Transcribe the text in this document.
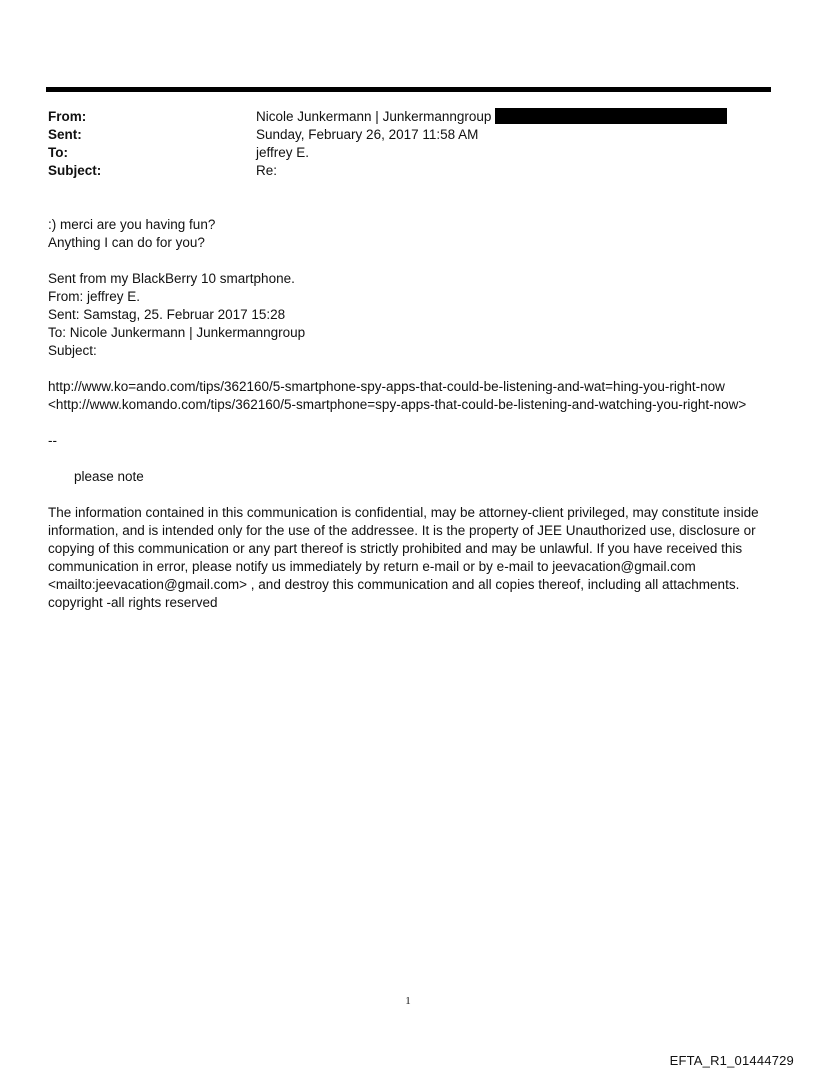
From:	Nicole Junkermann | Junkermanngroup
Sent:	Sunday, February 26, 2017 11:58 AM
To:	jeffrey E.
Subject:	Re:

:) merci are you having fun?

Anything I can do for you?

Sent from my BlackBerry 10 smartphone.

From: jeffrey E.

Sent: Samstag, 25. Februar 2017 15:28

To: Nicole Junkermann | Junkermanngroup

Subject:

http://www.ko=ando.com/tips/362160/5-smartphone-spy-apps-that-could-be-listening-and-wat=hing-you-right-now

<http://www.komando.com/tips/362160/5-smartphone=spy-apps-that-could-be-listening-and-watching-you-right-now>

--

please note

The information contained in this communication is confidential, may be attorney-client privileged, may constitute inside information, and is intended only for the use of the addressee. It is the property of JEE Unauthorized use, disclosure or copying of this communication or any part thereof is strictly prohibited and may be unlawful. If you have received this communication in error, please notify us immediately by return e-mail or by e-mail to jeevacation@gmail.com <mailto:jeevacation@gmail.com> , and destroy this communication and all copies thereof, including all attachments. copyright -all rights reserved

1
EFTA_R1_01444729
